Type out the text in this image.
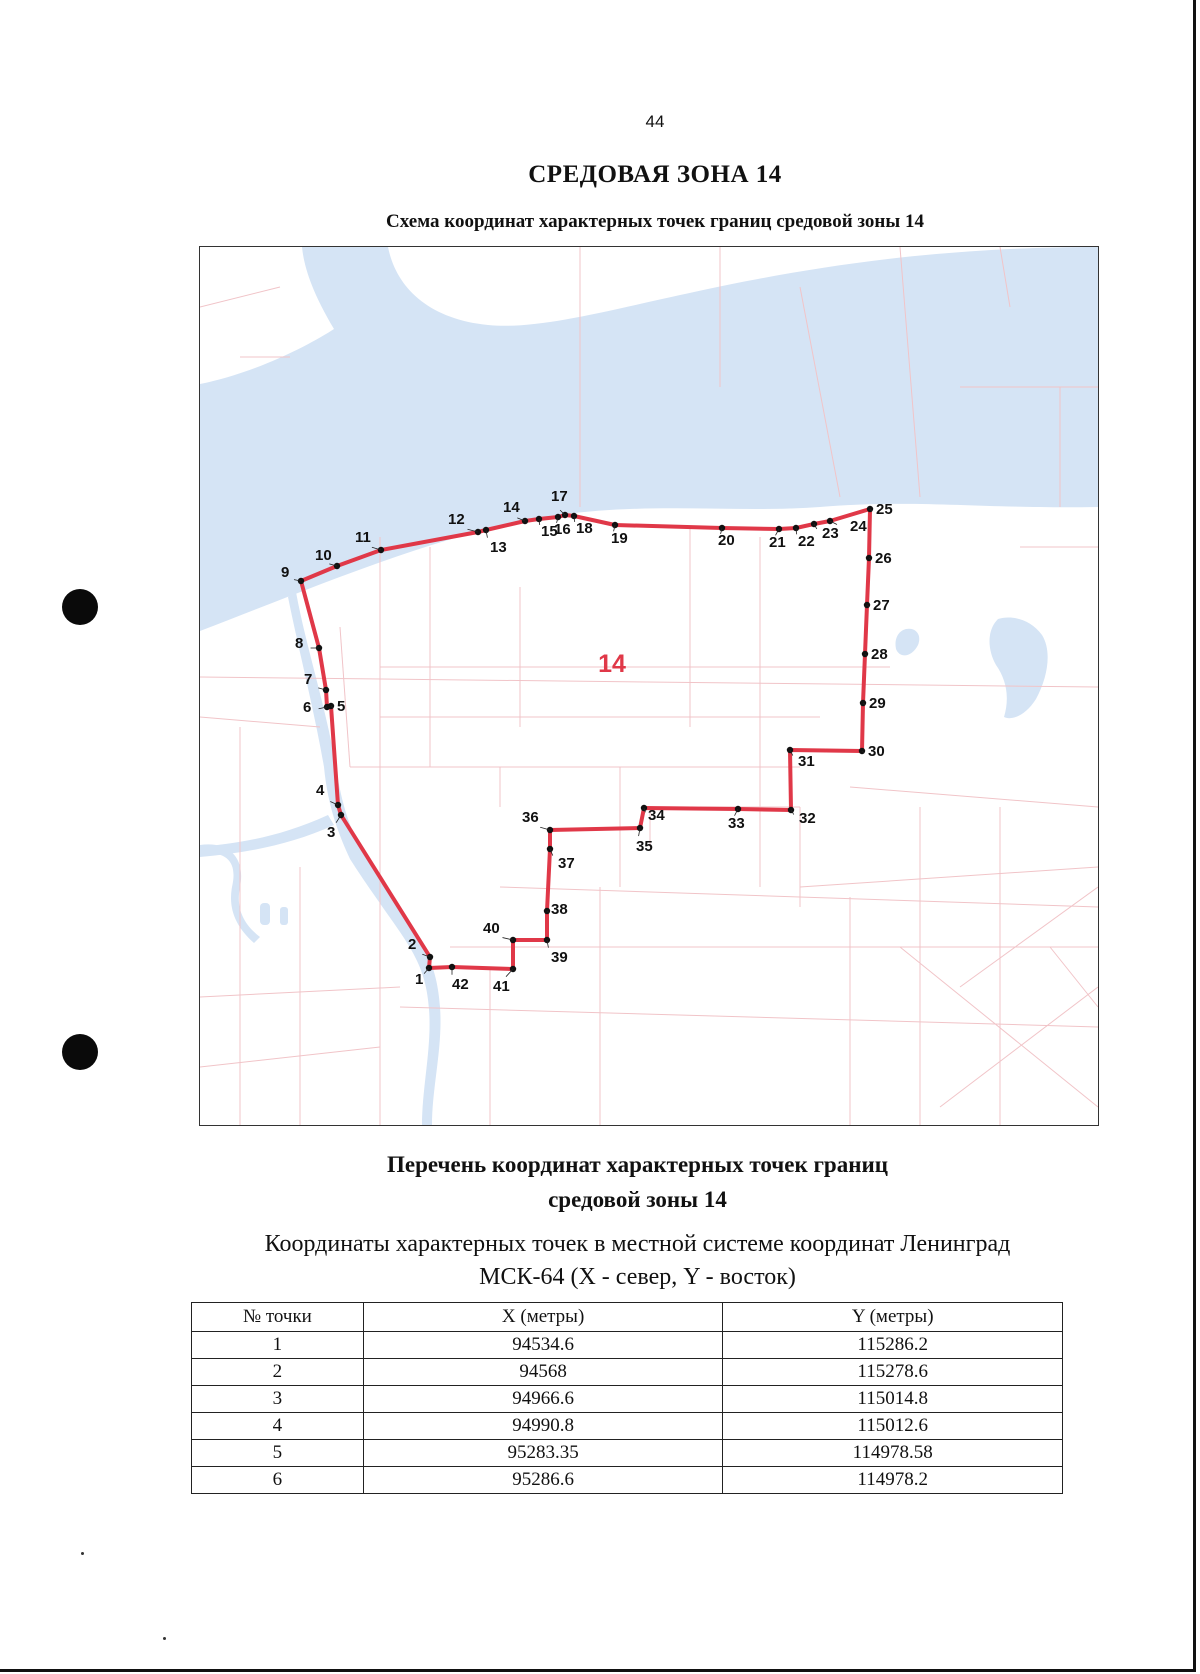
44
СРЕДОВАЯ ЗОНА 14
Схема координат характерных точек границ средовой зоны 14
1
2
3
4
5
6
7
8
9
10
11
12
13
14
15
16
17
18
19	20 21 22 23 24
25
26
27
28
29
30
31
32
33
34
35
36
37
38
39
40
41
42
14
Перечень координат характерных точек границ
средовой зоны 14
Координаты характерных точек в местной системе координат Ленинград
МСК-64 (X - север, Y - восток)
№ точки	X (метры)	Y (метры)
1	94534.6	115286.2
2	94568	115278.6
3	94966.6	115014.8
4	94990.8	115012.6
5	95283.35	114978.58
6	95286.6	114978.2
